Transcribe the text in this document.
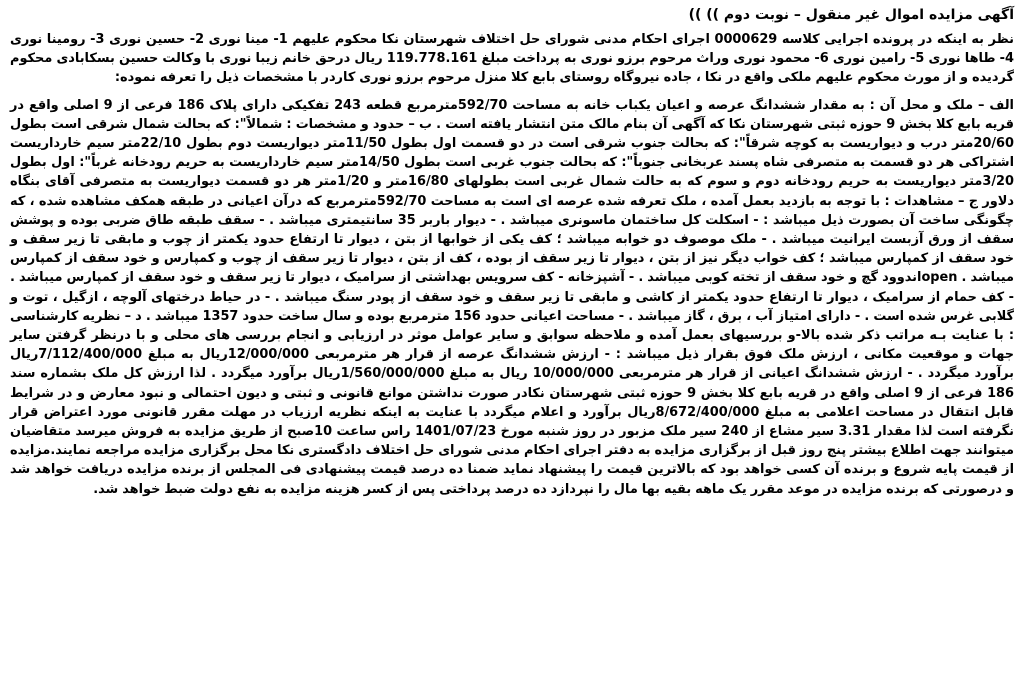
آگهی مزایده اموال غیر منقول – نوبت دوم )) ))

نظر به اینکه در پرونده اجرایی کلاسه 0000629 اجرای احکام مدنی شورای حل اختلاف شهرستان نکا محکوم علیهم 1- مینا نوری 2- حسین نوری 3- رومینا نوری 4- طاها نوری 5- رامین نوری 6- محمود نوری وراث مرحوم برزو نوری به پرداخت مبلغ 119.778.161 ریال درحق خانم زیبا نوری با وکالت حسین بسکابادی محکوم گردیده و از مورث محکوم علیهم ملکی واقع در نکا ، جاده نیروگاه روستای بابع کلا منزل مرحوم برزو نوری کاردر با مشخصات ذیل را تعرفه نموده:

الف – ملک و محل آن : به مقدار ششدانگ عرصه و اعیان یکباب خانه به مساحت 592/70مترمربع قطعه 243 تفکیکی دارای پلاک 186 فرعی از 9 اصلی واقع در قریه بابع کلا بخش 9 حوزه ثبتی شهرستان نکا که آگهی آن بنام مالک متن انتشار یافته است . ب – حدود و مشخصات : شمالاً": که بحالت شمال شرقی است بطول 20/60متر درب و دیواریست به کوچه شرقاً": که بحالت جنوب شرقی است در دو قسمت اول بطول 11/50متر دیواریست دوم بطول 22/10متر سیم خارداریست اشتراکی هر دو قسمت به متصرفی شاه پسند عربخانی جنوباً": که بحالت جنوب غربی است بطول 14/50متر سیم خارداریست به حریم رودخانه غرباً": اول بطول 3/20متر دیواریست به حریم رودخانه دوم و سوم که به حالت شمال غربی است بطولهای 16/80متر و 1/20متر هر دو قسمت دیواریست به متصرفی آقای بنگاه دلاور ج – مشاهدات : با توجه به بازدید بعمل آمده ، ملک تعرفه شده عرصه ای است به مساحت 592/70مترمربع که درآن اعیانی در طبقه همکف مشاهده شده ، که چگونگی ساخت آن بصورت ذیل میباشد : - اسکلت کل ساختمان ماسونری میباشد . - دیوار باربر 35 سانتیمتری میباشد . - سقف طبقه طاق ضربی بوده و پوشش سقف از ورق آزبست ایرانیت میباشد . - ملک موصوف دو خوابه میباشد ؛ کف یکی از خوابها از بتن ، دیوار تا ارتفاع حدود یکمتر از چوب و مابقی تا زیر سقف و خود سقف از کمپارس میباشد ؛ کف خواب دیگر نیز از بتن ، دیوار تا زیر سقف از بوده ، کف از بتن ، دیوار تا زیر سقف از چوب و کمپارس و خود سقف از کمپارس میباشد . openاندوود گچ و خود سقف از تخته کوبی میباشد . - آشپزخانه - کف سرویس بهداشتی از سرامیک ، دیوار تا زیر سقف و خود سقف از کمپارس میباشد . - کف حمام از سرامیک ، دیوار تا ارتفاع حدود یکمتر از کاشی و مابقی تا زیر سقف و خود سقف از پودر سنگ میباشد . - در حیاط درختهای آلوچه ، ازگیل ، توت و گلابی غرس شده است . - دارای امتیاز آب ، برق ، گاز میباشد . - مساحت اعیانی حدود 156 مترمربع بوده و سال ساخت حدود 1357 میباشد . د – نظریه کارشناسی : با عنایت بـه مراتب ذکر شده بالا-و بررسیهای بعمل آمده و ملاحظه سوابق و سایر عوامل موثر در ارزیابی و انجام بررسی های محلی و با درنظر گرفتن سایر جهات و موقعیت مکانی ، ارزش ملک فوق بقرار ذیل میباشد : - ارزش ششدانگ عرصه از قرار هر مترمربعی 12/000/000ریال به مبلغ 7/112/400/000ریال برآورد میگردد . - ارزش ششدانگ اعیانی از قرار هر مترمربعی 10/000/000 ریال به مبلغ 1/560/000/000ریال برآورد میگردد . لذا ارزش کل ملک بشماره سند 186 فرعی از 9 اصلی واقع در قریه بابع کلا بخش 9 حوزه ثبتی شهرستان نکادر صورت نداشتن موانع قانونی و ثبتی و دیون احتمالی و نبود معارض و در شرایط قابل انتقال در مساحت اعلامی به مبلغ 8/672/400/000ریال برآورد و اعلام میگردد با عنایت به اینکه نظریه ارزیاب در مهلت مقرر قانونی مورد اعتراض قرار نگرفته است لذا مقدار 3.31 سیر مشاع از 240 سیر ملک مزبور در روز شنبه مورخ 1401/07/23 راس ساعت 10صبح از طریق مزایده به فروش میرسد متقاضیان میتوانند جهت اطلاع بیشتر پنج روز قبل از برگزاری مزایده به دفتر اجرای احکام مدنی شورای حل اختلاف دادگستری نکا محل برگزاری مزایده مراجعه نمایند.مزایده از قیمت پایه شروع و برنده آن کسی خواهد بود که بالاترین قیمت را پیشنهاد نماید ضمنا ده درصد قیمت پیشنهادی فی المجلس از برنده مزایده دریافت خواهد شد و درصورتی که برنده مزایده در موعد مقرر یک ماهه بقیه بها مال را نپردازد ده درصد پرداختی پس از کسر هزینه مزایده به نفع دولت ضبط خواهد شد.
